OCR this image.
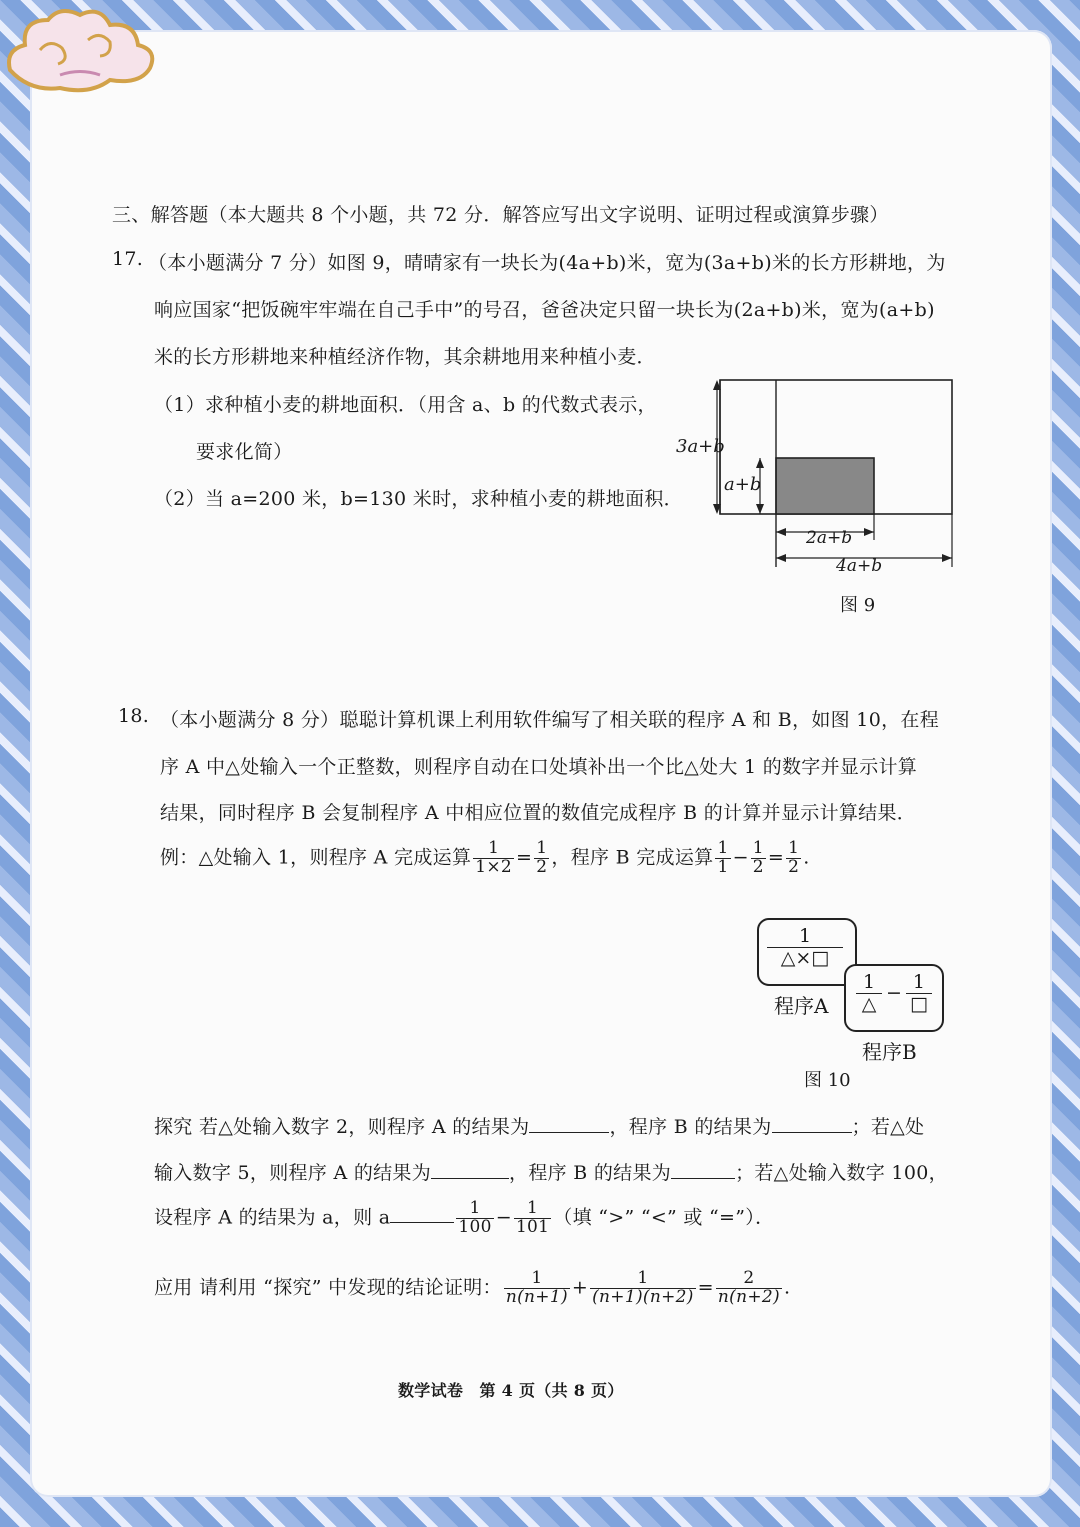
三、解答题（本大题共 8 个小题，共 72 分．解答应写出文字说明、证明过程或演算步骤）
17. （本小题满分 7 分）如图 9，晴晴家有一块长为(4a+b)米，宽为(3a+b)米的长方形耕地，为
响应国家“把饭碗牢牢端在自己手中”的号召，爸爸决定只留一块长为(2a+b)米，宽为(a+b)
米的长方形耕地来种植经济作物，其余耕地用来种植小麦．
（1）求种植小麦的耕地面积．（用含 a、b 的代数式表示，
要求化简）
（2）当 a=200 米，b=130 米时，求种植小麦的耕地面积．
3a+b
a+b
2a+b
4a+b
图 9
18. （本小题满分 8 分）聪聪计算机课上利用软件编写了相关联的程序 A 和 B，如图 10，在程
序 A 中△处输入一个正整数，则程序自动在口处填补出一个比△处大 1 的数字并显示计算
结果，同时程序 B 会复制程序 A 中相应位置的数值完成程序 B 的计算并显示计算结果．
例：△处输入 1，则程序 A 完成运算 $\frac{1}{1\times 2} = \frac{1}{2}$ ，程序 B 完成运算 $\frac{1}{1} - \frac{1}{2} = \frac{1}{2}$ .
1
△×□
程序A
1
△ − 1
□
程序B
图 10
探究 若△处输入数字 2，则程序 A 的结果为	，程序 B 的结果为	；若△处
输入数字 5，则程序 A 的结果为	，程序 B 的结果为	；若△处输入数字 100，
设程序 A 的结果为 a，则 a	$\frac{1}{100} - \frac{1}{101}$ （填 “>” “<” 或 “=”）．
应用 请利用 “探究” 中发现的结论证明： $\frac{1}{n(n+1)} + \frac{1}{(n+1)(n+2)} = \frac{2}{n(n+2)}$ .
数学试卷　第 4 页（共 8 页）
